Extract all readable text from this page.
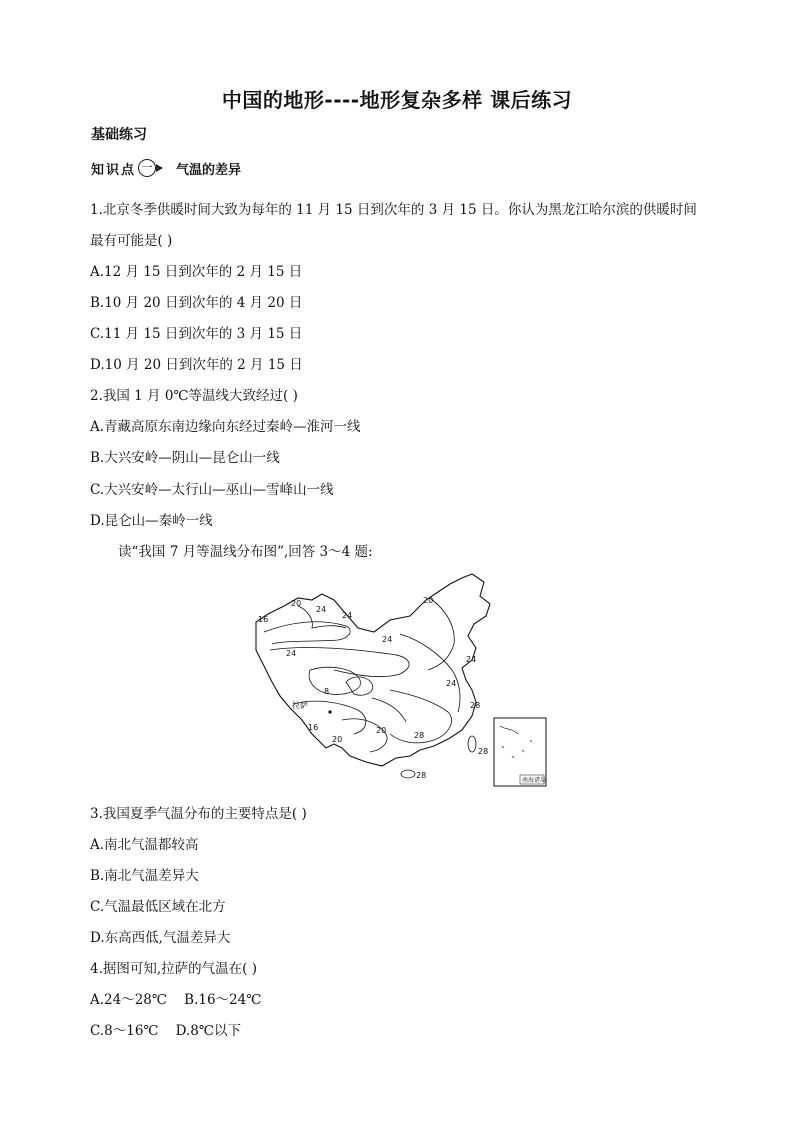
中国的地形----地形复杂多样 课后练习
基础练习
知识点 一 气温的差异
1.北京冬季供暖时间大致为每年的 11 月 15 日到次年的 3 月 15 日。你认为黑龙江哈尔滨的供暖时间
最有可能是( )
A.12 月 15 日到次年的 2 月 15 日
B.10 月 20 日到次年的 4 月 20 日
C.11 月 15 日到次年的 3 月 15 日
D.10 月 20 日到次年的 2 月 15 日
2.我国 1 月 0℃等温线大致经过( )
A.青藏高原东南边缘向东经过秦岭—淮河一线
B.大兴安岭—阴山—昆仑山一线
C.大兴安岭—太行山—巫山—雪峰山一线
D.昆仑山—秦岭一线
读“我国 7 月等温线分布图”,回答 3～4 题:
南海诸岛
20
24
24
16
24
24
20
24
24
8
拉萨
16
20
20
28
28
28
28
3.我国夏季气温分布的主要特点是( )
A.南北气温都较高
B.南北气温差异大
C.气温最低区域在北方
D.东高西低,气温差异大
4.据图可知,拉萨的气温在( )
A.24～28℃    B.16～24℃
C.8～16℃    D.8℃以下
